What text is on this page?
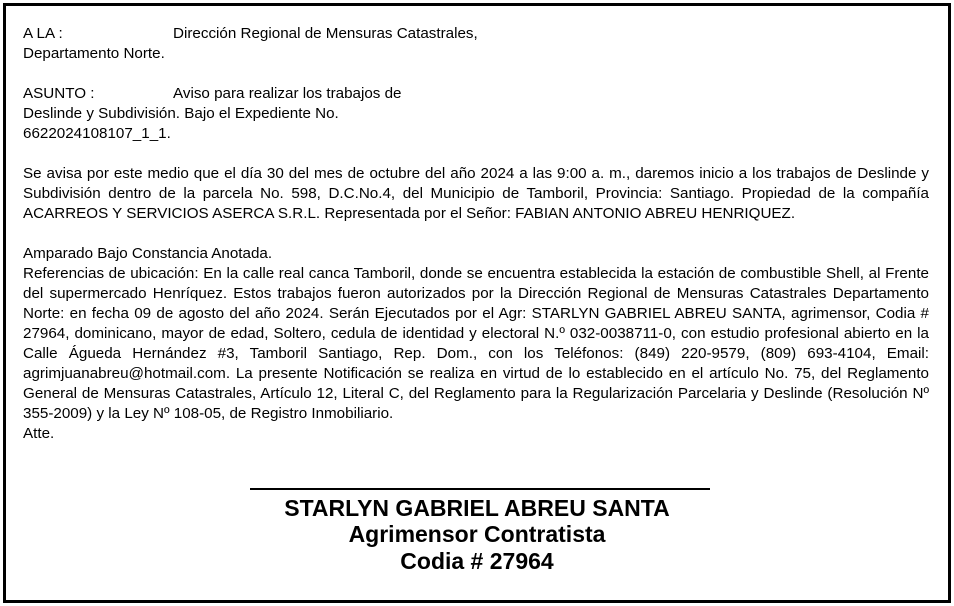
A LA :	Dirección Regional de Mensuras Catastrales,
Departamento Norte.
ASUNTO :	Aviso para realizar los trabajos de
Deslinde y Subdivisión. Bajo el Expediente No.
6622024108107_1_1.
Se avisa por este medio que el día 30 del mes de octubre del año 2024 a las 9:00 a. m., daremos inicio a los trabajos de Deslinde y Subdivisión dentro de la parcela No. 598, D.C.No.4, del Municipio de Tamboril, Provincia: Santiago. Propiedad de la compañía ACARREOS Y SERVICIOS ASERCA S.R.L. Representada por el Señor: FABIAN ANTONIO ABREU HENRIQUEZ.
Amparado Bajo Constancia Anotada.
Referencias de ubicación: En la calle real canca Tamboril, donde se encuentra establecida la estación de combustible Shell, al Frente del supermercado Henríquez. Estos trabajos fueron autorizados por la Dirección Regional de Mensuras Catastrales Departamento Norte: en fecha 09 de agosto del año 2024. Serán Ejecutados por el Agr: STARLYN GABRIEL ABREU SANTA, agrimensor, Codia # 27964, dominicano, mayor de edad, Soltero, cedula de identidad y electoral N.º 032-0038711-0, con estudio profesional abierto en la Calle Águeda Hernández #3, Tamboril Santiago, Rep. Dom., con los Teléfonos: (849) 220-9579, (809) 693-4104, Email: agrimjuanabreu@hotmail.com. La presente Notificación se realiza en virtud de lo establecido en el artículo No. 75, del Reglamento General de Mensuras Catastrales, Artículo 12, Literal C, del Reglamento para la Regularización Parcelaria y Deslinde (Resolución Nº 355-2009) y la Ley Nº 108-05, de Registro Inmobiliario.
Atte.
STARLYN GABRIEL ABREU SANTA
Agrimensor Contratista
Codia # 27964
